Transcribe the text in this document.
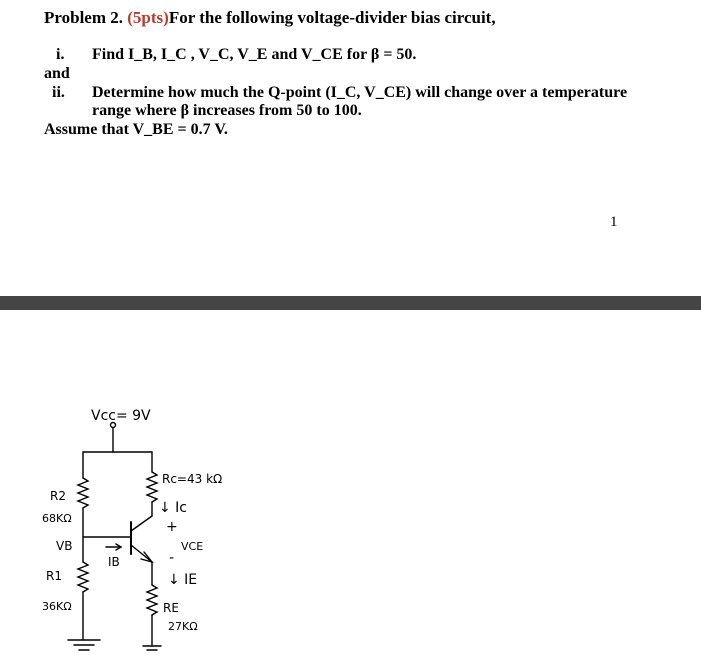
Problem 2. (5pts)For the following voltage-divider bias circuit,
i. Find I_B, I_C , V_C, V_E and V_CE for β = 50.
and
ii. Determine how much the Q-point (I_C, V_CE) will change over a temperature
range where β increases from 50 to 100.
Assume that V_BE = 0.7 V.
1
Vcc= 9V
R2
68KΩ
VB
R1
36KΩ
IB
Rc=43 kΩ
↓ Ic
+
VCE
-
↓ IE
RE
27KΩ
